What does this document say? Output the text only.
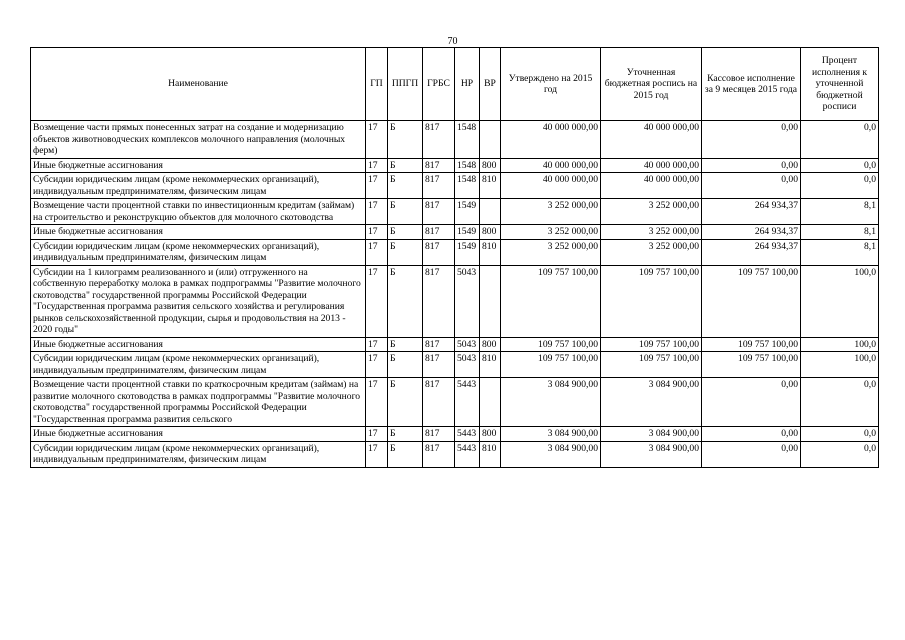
70
Наименование	ГП	ППГП	ГРБС	НР	ВР	Утверждено на 2015 год	Уточненная бюджетная роспись на 2015 год	Кассовое исполнение за 9 месяцев 2015 года	Процент исполнения к уточненной бюджетной росписи
Возмещение части прямых понесенных затрат на создание и модернизацию объектов животноводческих комплексов молочного направления (молочных ферм)	17	Б	817	1548		40 000 000,00	40 000 000,00	0,00	0,0
Иные бюджетные ассигнования	17	Б	817	1548	800	40 000 000,00	40 000 000,00	0,00	0,0
Субсидии юридическим лицам (кроме некоммерческих организаций), индивидуальным предпринимателям, физическим лицам	17	Б	817	1548	810	40 000 000,00	40 000 000,00	0,00	0,0
Возмещение части процентной ставки по инвестиционным кредитам (займам) на строительство и реконструкцию объектов для молочного скотоводства	17	Б	817	1549		3 252 000,00	3 252 000,00	264 934,37	8,1
Иные бюджетные ассигнования	17	Б	817	1549	800	3 252 000,00	3 252 000,00	264 934,37	8,1
Субсидии юридическим лицам (кроме некоммерческих организаций), индивидуальным предпринимателям, физическим лицам	17	Б	817	1549	810	3 252 000,00	3 252 000,00	264 934,37	8,1
Субсидии на 1 килограмм реализованного и (или) отгруженного на собственную переработку молока в рамках подпрограммы "Развитие молочного скотоводства" государственной программы Российской Федерации "Государственная программа развития сельского хозяйства и регулирования рынков сельскохозяйственной продукции, сырья и продовольствия на 2013 - 2020 годы"	17	Б	817	5043		109 757 100,00	109 757 100,00	109 757 100,00	100,0
Иные бюджетные ассигнования	17	Б	817	5043	800	109 757 100,00	109 757 100,00	109 757 100,00	100,0
Субсидии юридическим лицам (кроме некоммерческих организаций), индивидуальным предпринимателям, физическим лицам	17	Б	817	5043	810	109 757 100,00	109 757 100,00	109 757 100,00	100,0
Возмещение части процентной ставки по краткосрочным кредитам (займам) на развитие молочного скотоводства в рамках подпрограммы "Развитие молочного скотоводства" государственной программы Российской Федерации "Государственная программа развития сельского	17	Б	817	5443		3 084 900,00	3 084 900,00	0,00	0,0
Иные бюджетные ассигнования	17	Б	817	5443	800	3 084 900,00	3 084 900,00	0,00	0,0
Субсидии юридическим лицам (кроме некоммерческих организаций), индивидуальным предпринимателям, физическим лицам	17	Б	817	5443	810	3 084 900,00	3 084 900,00	0,00	0,0
